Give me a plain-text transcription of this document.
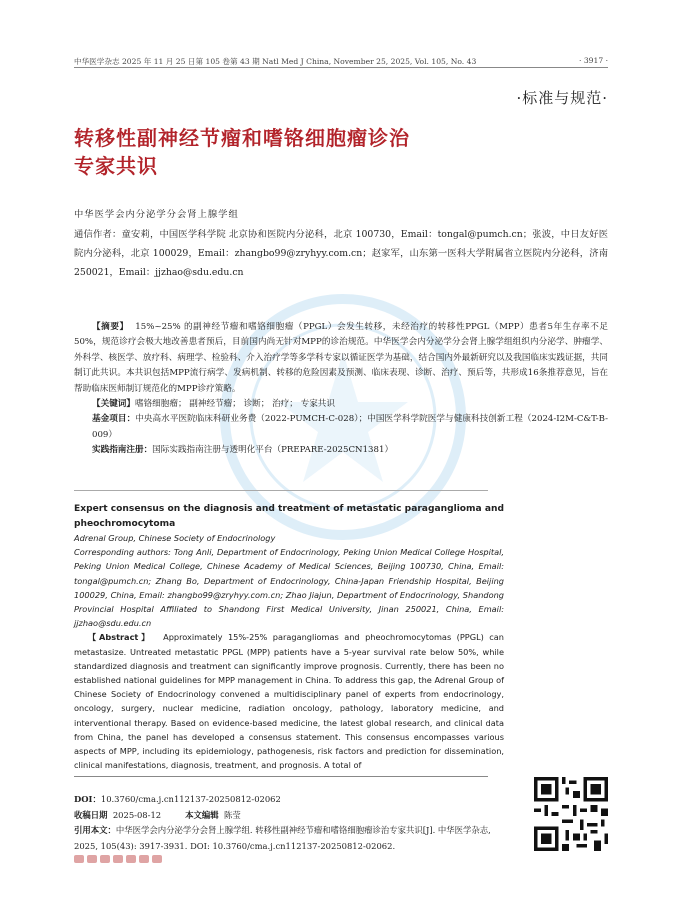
中华医学杂志 2025 年 11 月 25 日第 105 卷第 43 期 Natl Med J China, November 25, 2025, Vol. 105, No. 43	· 3917 ·
·标准与规范·
转移性副神经节瘤和嗜铬细胞瘤诊治
专家共识
中华医学会内分泌学分会肾上腺学组
通信作者：童安莉，中国医学科学院 北京协和医院内分泌科，北京 100730，Email：tongal@pumch.cn；张波，中日友好医院内分泌科，北京 100029，Email：zhangbo99@zryhyy.com.cn；赵家军，山东第一医科大学附属省立医院内分泌科，济南 250021，Email：jjzhao@sdu.edu.cn

【摘要】 15%~25% 的副神经节瘤和嗜铬细胞瘤（PPGL）会发生转移，未经治疗的转移性PPGL（MPP）患者5年生存率不足50%，规范诊疗会极大地改善患者预后，目前国内尚无针对MPP的诊治规范。中华医学会内分泌学分会肾上腺学组组织内分泌学、肿瘤学、外科学、核医学、放疗科、病理学、检验科、介入治疗学等多学科专家以循证医学为基础，结合国内外最新研究以及我国临床实践证据，共同制订此共识。本共识包括MPP流行病学、发病机制、转移的危险因素及预测、临床表现、诊断、治疗、预后等，共形成16条推荐意见，旨在帮助临床医师制订规范化的MPP诊疗策略。

【关键词】嗜铬细胞瘤； 副神经节瘤； 诊断； 治疗； 专家共识
基金项目：中央高水平医院临床科研业务费（2022-PUMCH-C-028）；中国医学科学院医学与健康科技创新工程（2024-I2M-C&T-B-009）
实践指南注册：国际实践指南注册与透明化平台（PREPARE-2025CN1381）
Expert consensus on the diagnosis and treatment of metastatic paraganglioma and pheochromocytoma
Adrenal Group, Chinese Society of Endocrinology
Corresponding authors: Tong Anli, Department of Endocrinology, Peking Union Medical College Hospital, Peking Union Medical College, Chinese Academy of Medical Sciences, Beijing 100730, China, Email: tongal@pumch.cn; Zhang Bo, Department of Endocrinology, China-Japan Friendship Hospital, Beijing 100029, China, Email: zhangbo99@zryhyy.com.cn; Zhao Jiajun, Department of Endocrinology, Shandong Provincial Hospital Affiliated to Shandong First Medical University, Jinan 250021, China, Email: jjzhao@sdu.edu.cn
【Abstract】 Approximately 15%-25% paragangliomas and pheochromocytomas (PPGL) can metastasize. Untreated metastatic PPGL (MPP) patients have a 5-year survival rate below 50%, while standardized diagnosis and treatment can significantly improve prognosis. Currently, there has been no established national guidelines for MPP management in China. To address this gap, the Adrenal Group of Chinese Society of Endocrinology convened a multidisciplinary panel of experts from endocrinology, oncology, surgery, nuclear medicine, radiation oncology, pathology, laboratory medicine, and interventional therapy. Based on evidence-based medicine, the latest global research, and clinical data from China, the panel has developed a consensus statement. This consensus encompasses various aspects of MPP, including its epidemiology, pathogenesis, risk factors and prediction for dissemination, clinical manifestations, diagnosis, treatment, and prognosis. A total of
DOI：10.3760/cma.j.cn112137-20250812-02062
收稿日期 2025-08-12	本文编辑 陈莹
引用本文：中华医学会内分泌学分会肾上腺学组. 转移性副神经节瘤和嗜铬细胞瘤诊治专家共识[J]. 中华医学杂志, 2025, 105(43): 3917-3931. DOI: 10.3760/cma.j.cn112137-20250812-02062.
